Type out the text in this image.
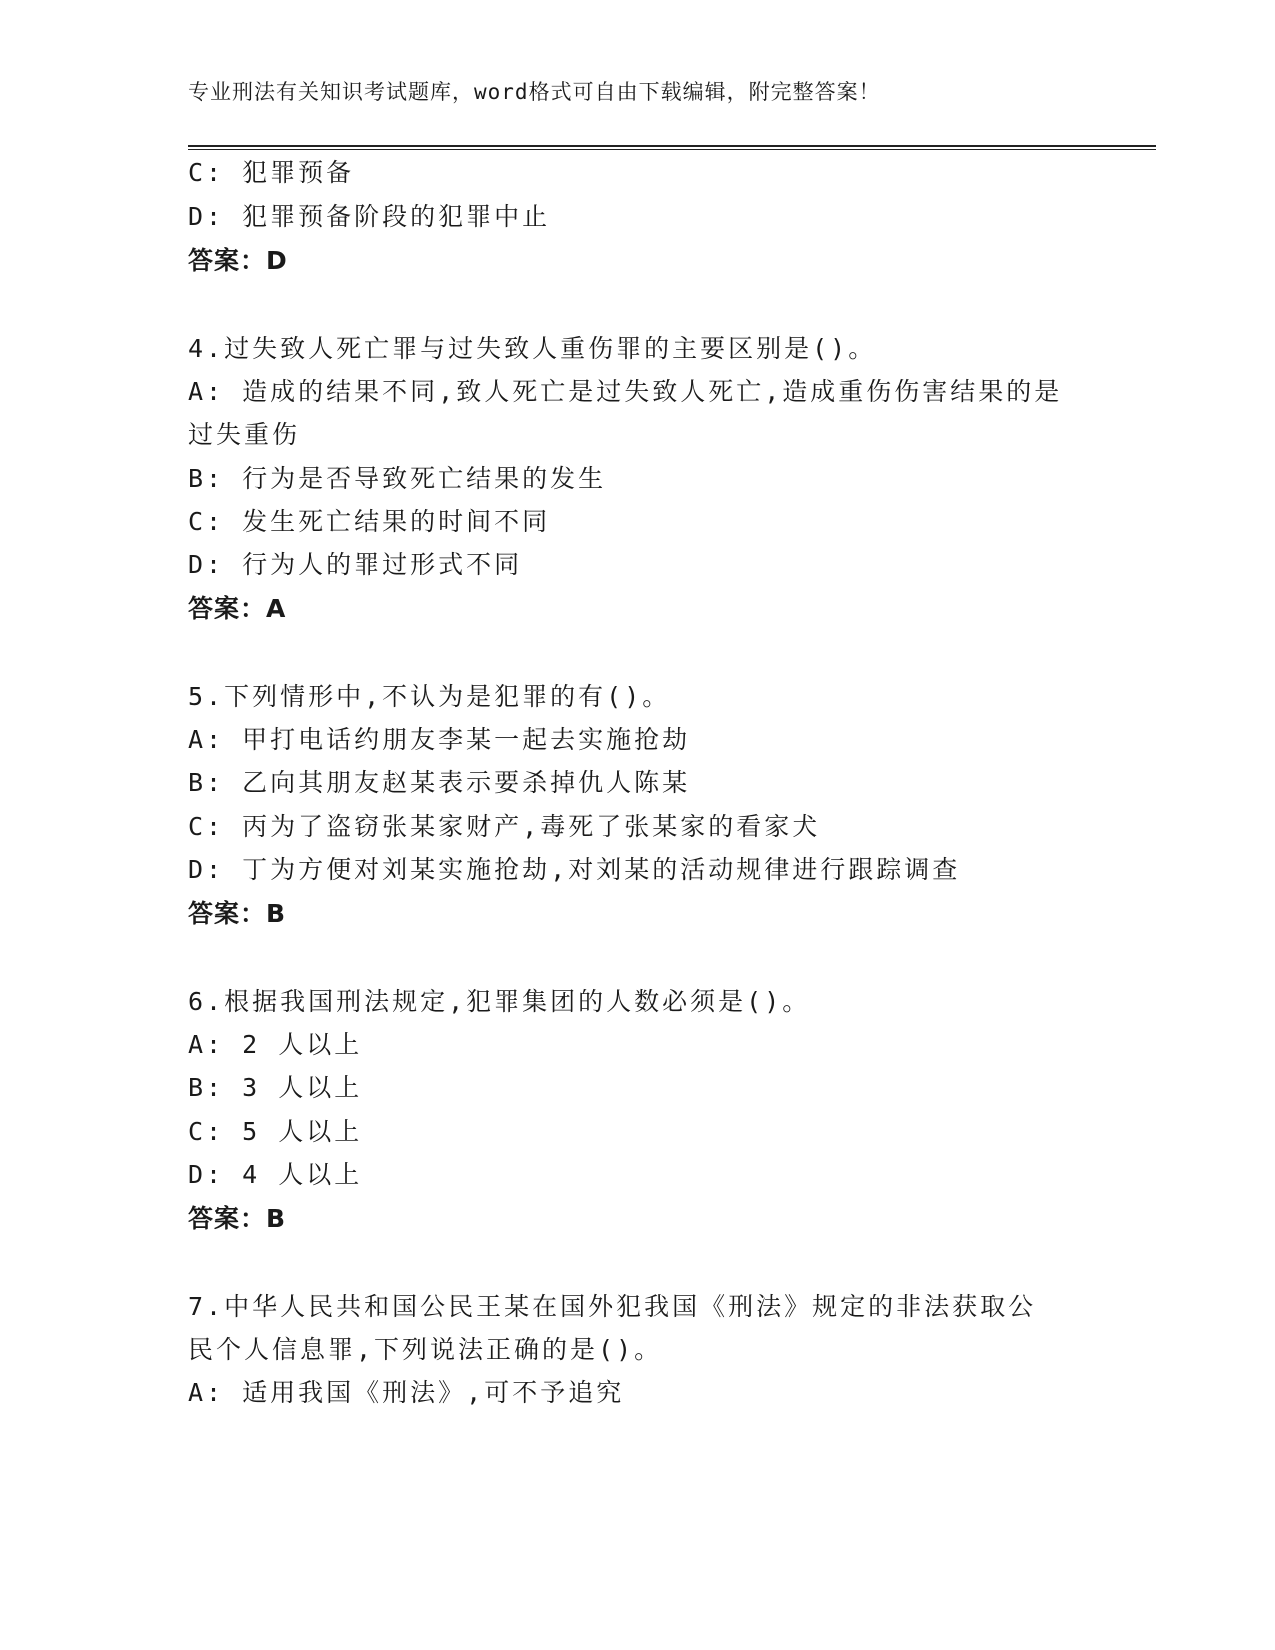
专业刑法有关知识考试题库，word格式可自由下载编辑，附完整答案！
C: 犯罪预备
D: 犯罪预备阶段的犯罪中止
答案：D
4.过失致人死亡罪与过失致人重伤罪的主要区别是()。
A: 造成的结果不同,致人死亡是过失致人死亡,造成重伤伤害结果的是
过失重伤
B: 行为是否导致死亡结果的发生
C: 发生死亡结果的时间不同
D: 行为人的罪过形式不同
答案：A
5.下列情形中,不认为是犯罪的有()。
A: 甲打电话约朋友李某一起去实施抢劫
B: 乙向其朋友赵某表示要杀掉仇人陈某
C: 丙为了盗窃张某家财产,毒死了张某家的看家犬
D: 丁为方便对刘某实施抢劫,对刘某的活动规律进行跟踪调查
答案：B
6.根据我国刑法规定,犯罪集团的人数必须是()。
A: 2 人以上
B: 3 人以上
C: 5 人以上
D: 4 人以上
答案：B
7.中华人民共和国公民王某在国外犯我国《刑法》规定的非法获取公
民个人信息罪,下列说法正确的是()。
A: 适用我国《刑法》,可不予追究
